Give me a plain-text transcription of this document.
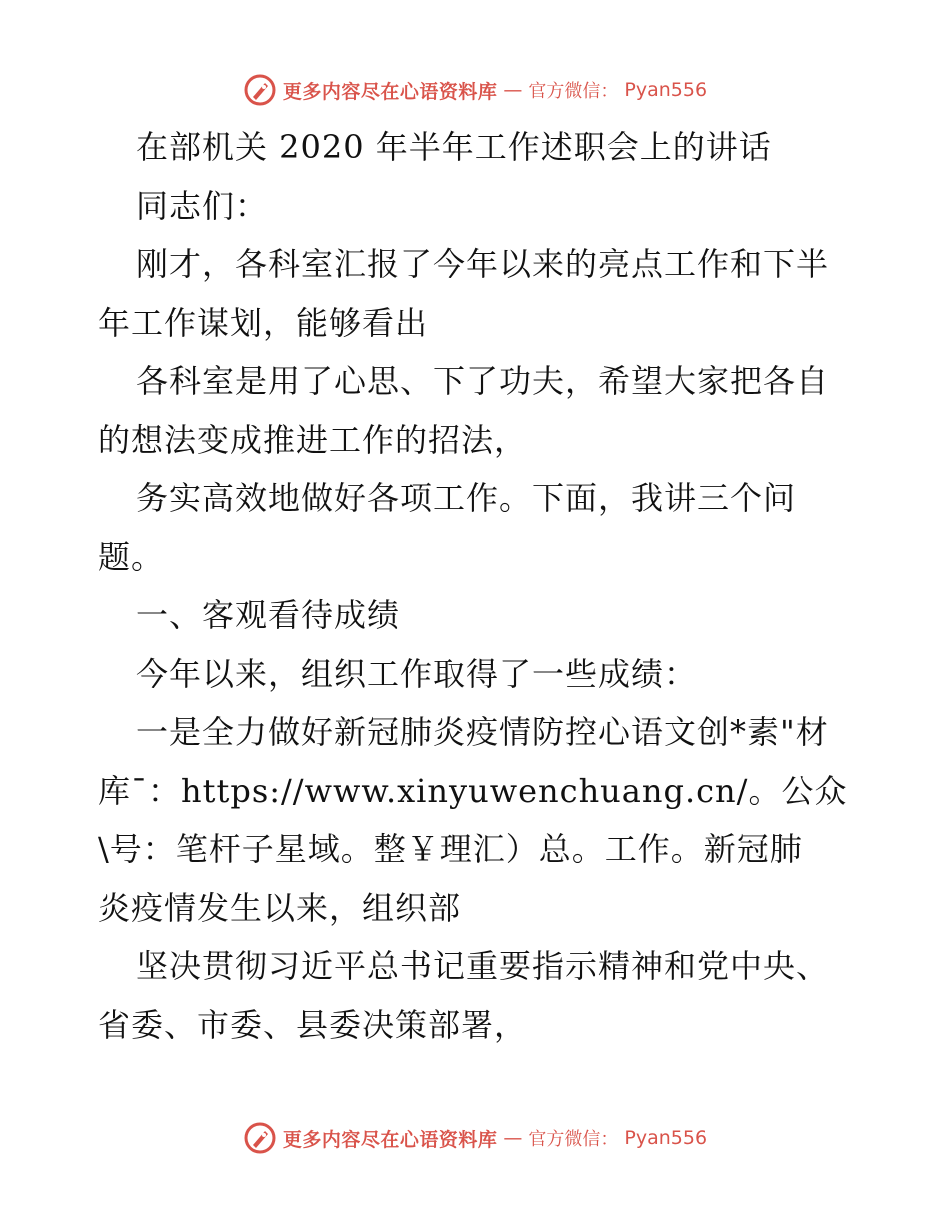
更多内容尽在心语资料库 — 官方微信： Pyan556
在部机关 2020 年半年工作述职会上的讲话
同志们：
刚才，各科室汇报了今年以来的亮点工作和下半
年工作谋划，能够看出
各科室是用了心思、下了功夫，希望大家把各自
的想法变成推进工作的招法，
务实高效地做好各项工作。下面，我讲三个问
题。
一、客观看待成绩
今年以来，组织工作取得了一些成绩：
一是全力做好新冠肺炎疫情防控心语文创*素"材
库¯：https://www.xinyuwenchuang.cn/。公众
\号：笔杆子星域。整￥理汇）总。工作。新冠肺
炎疫情发生以来，组织部
坚决贯彻习近平总书记重要指示精神和党中央、
省委、市委、县委决策部署，
更多内容尽在心语资料库 — 官方微信： Pyan556
